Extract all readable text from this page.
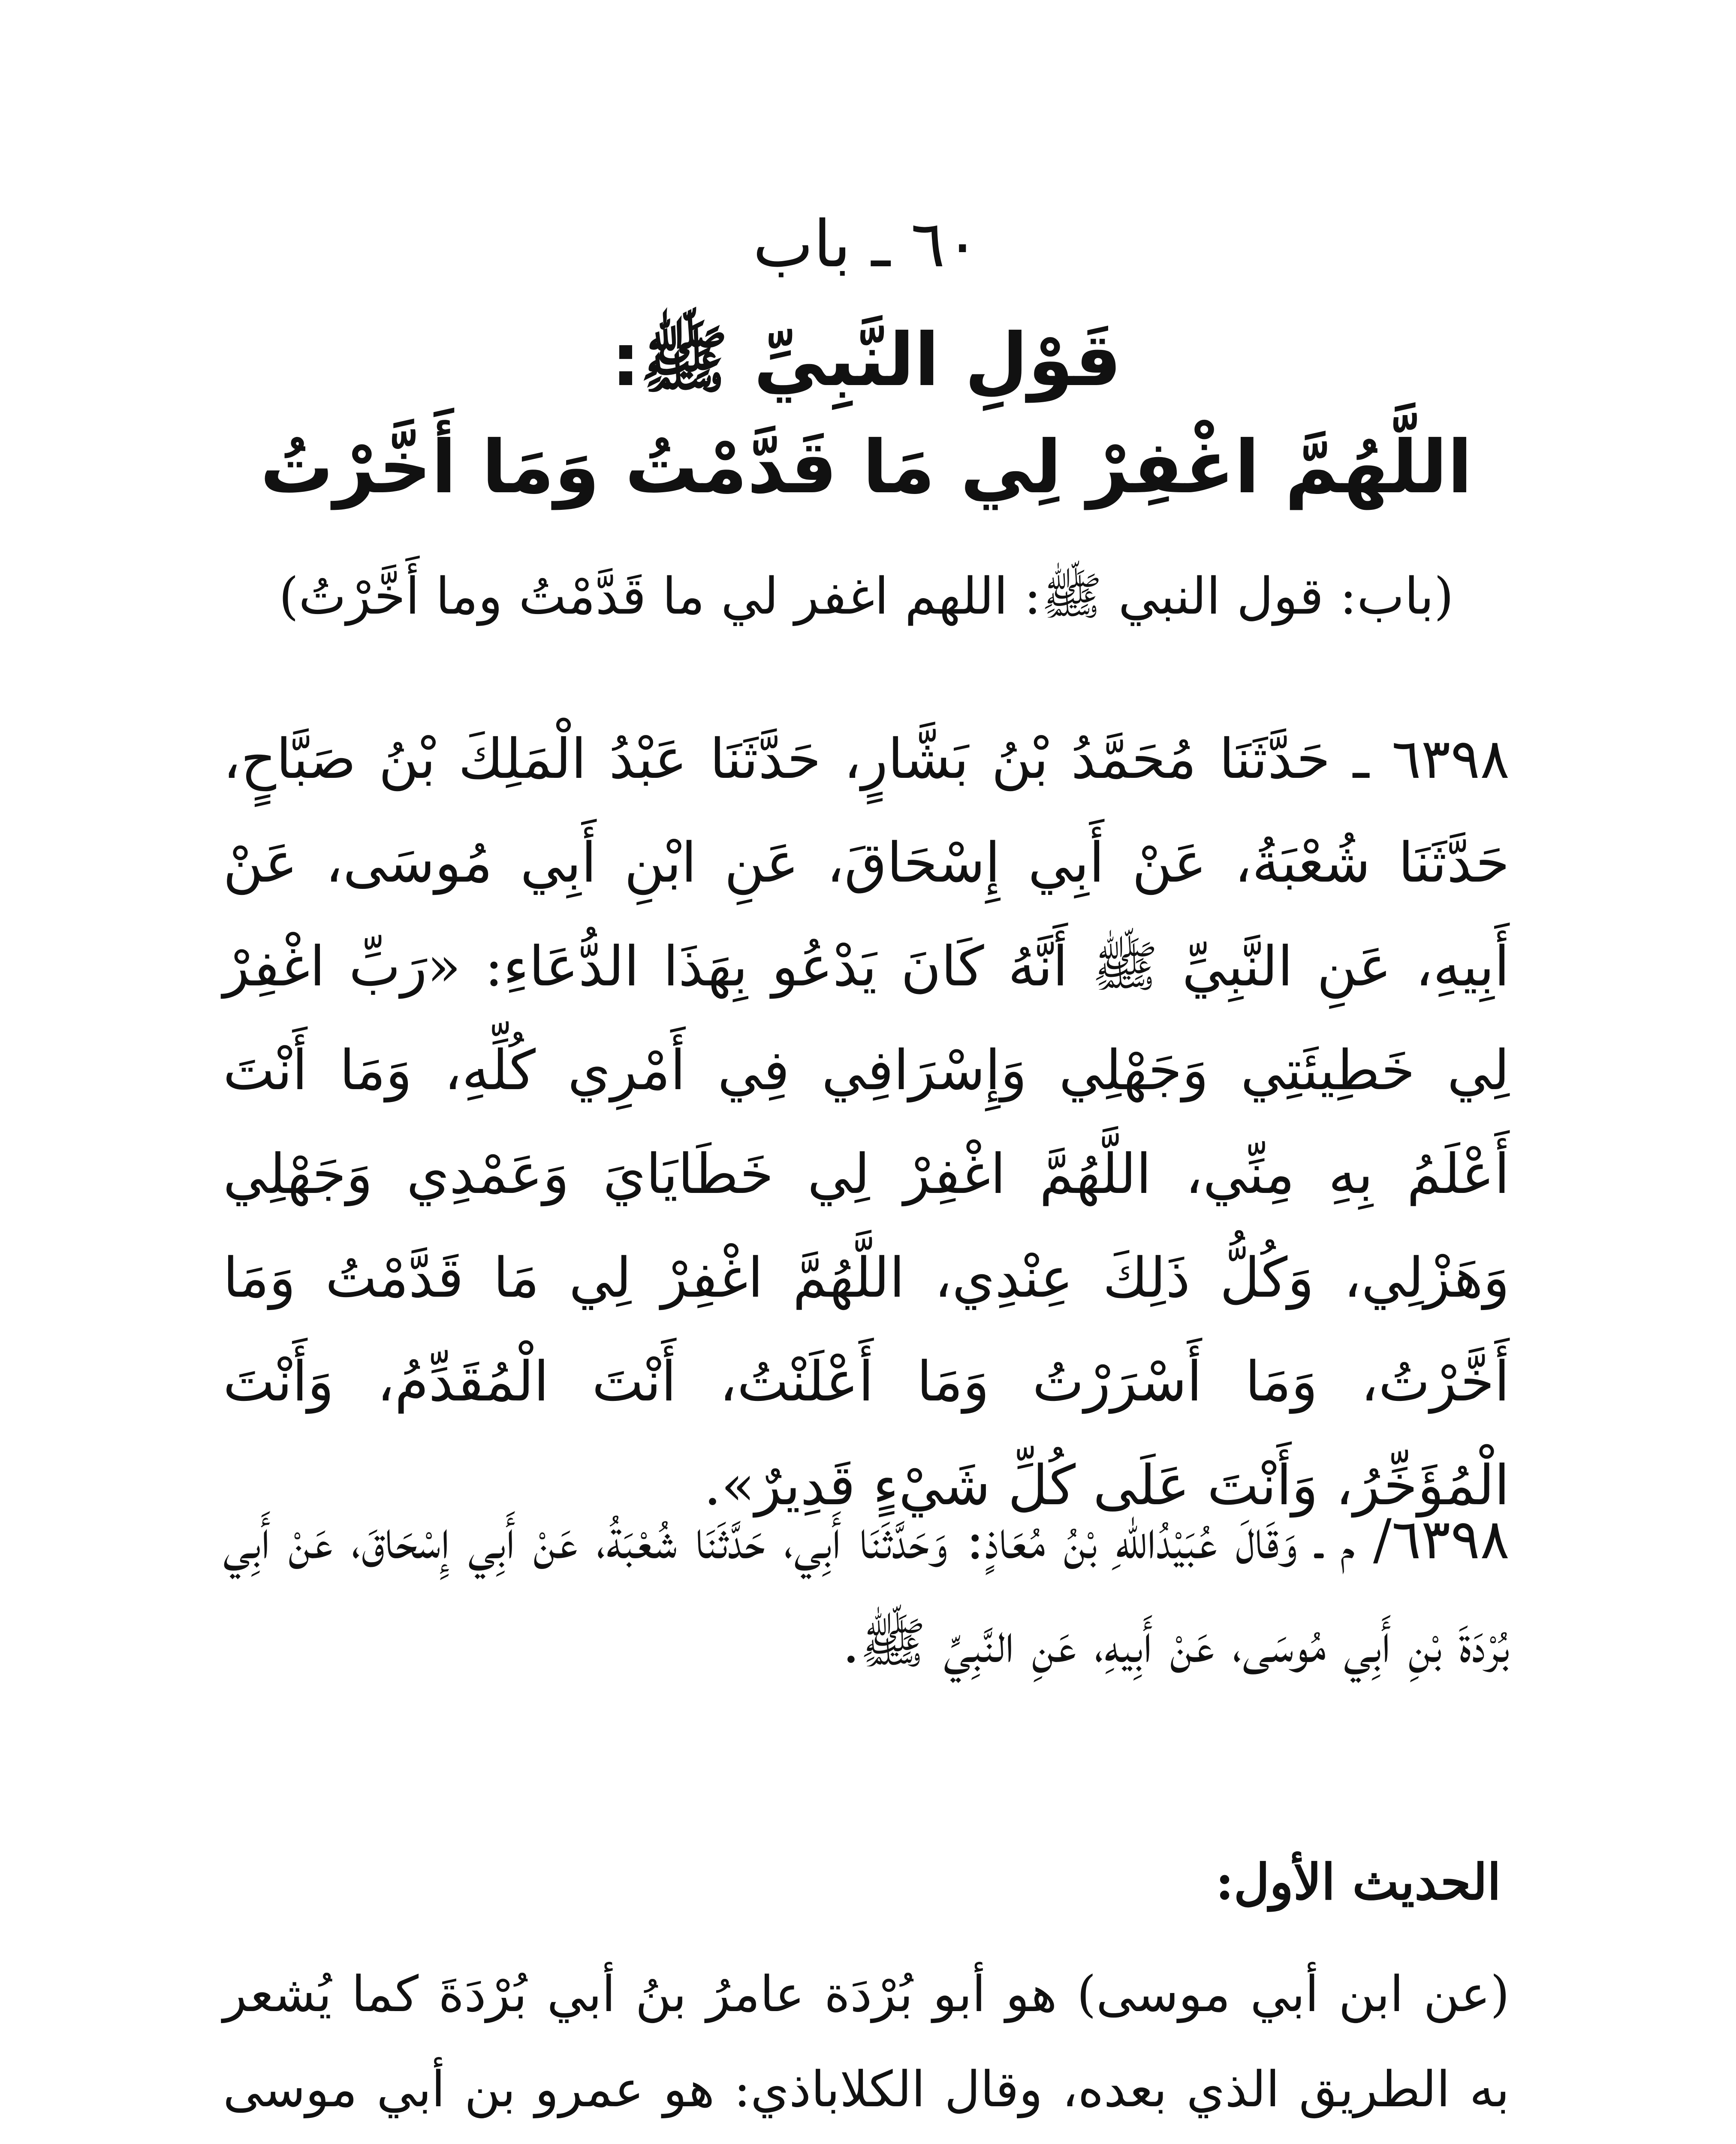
٦٠ ـ باب
قَوْلِ النَّبِيِّ ﷺ:
اللَّهُمَّ اغْفِرْ لِي مَا قَدَّمْتُ وَمَا أَخَّرْتُ
(باب: قول النبي ﷺ: اللهم اغفر لي ما قَدَّمْتُ وما أَخَّرْتُ)
٦٣٩٨ ـ حَدَّثَنَا مُحَمَّدُ بْنُ بَشَّارٍ، حَدَّثَنَا عَبْدُ الْمَلِكَ بْنُ صَبَّاحٍ، حَدَّثَنَا شُعْبَةُ، عَنْ أَبِي إِسْحَاقَ، عَنِ ابْنِ أَبِي مُوسَى، عَنْ أَبِيهِ، عَنِ النَّبِيِّ ﷺ أَنَّهُ كَانَ يَدْعُو بِهَذَا الدُّعَاءِ: «رَبِّ اغْفِرْ لِي خَطِيئَتِي وَجَهْلِي وَإِسْرَافِي فِي أَمْرِي كُلِّهِ، وَمَا أَنْتَ أَعْلَمُ بِهِ مِنِّي، اللَّهُمَّ اغْفِرْ لِي خَطَايَايَ وَعَمْدِي وَجَهْلِي وَهَزْلِي، وَكُلُّ ذَلِكَ عِنْدِي، اللَّهُمَّ اغْفِرْ لِي مَا قَدَّمْتُ وَمَا أَخَّرْتُ، وَمَا أَسْرَرْتُ وَمَا أَعْلَنْتُ، أَنْتَ الْمُقَدِّمُ، وَأَنْتَ الْمُؤَخِّرُ، وَأَنْتَ عَلَى كُلِّ شَيْءٍ قَدِيرٌ».
٦٣٩٨/ م ـ وَقَالَ عُبَيْدُاللهِ بْنُ مُعَاذٍ: وَحَدَّثَنَا أَبِي، حَدَّثَنَا شُعْبَةُ، عَنْ أَبِي إِسْحَاقَ، عَنْ أَبِي بُرْدَةَ بْنِ أَبِي مُوسَى، عَنْ أَبِيهِ، عَنِ النَّبِيِّ ﷺ.
الحديث الأول:
(عن ابن أبي موسى) هو أبو بُرْدَة عامرُ بنُ أبي بُرْدَةَ كما يُشعر به الطريق الذي بعده، وقال الكلاباذي: هو عمرو بن أبي موسى
